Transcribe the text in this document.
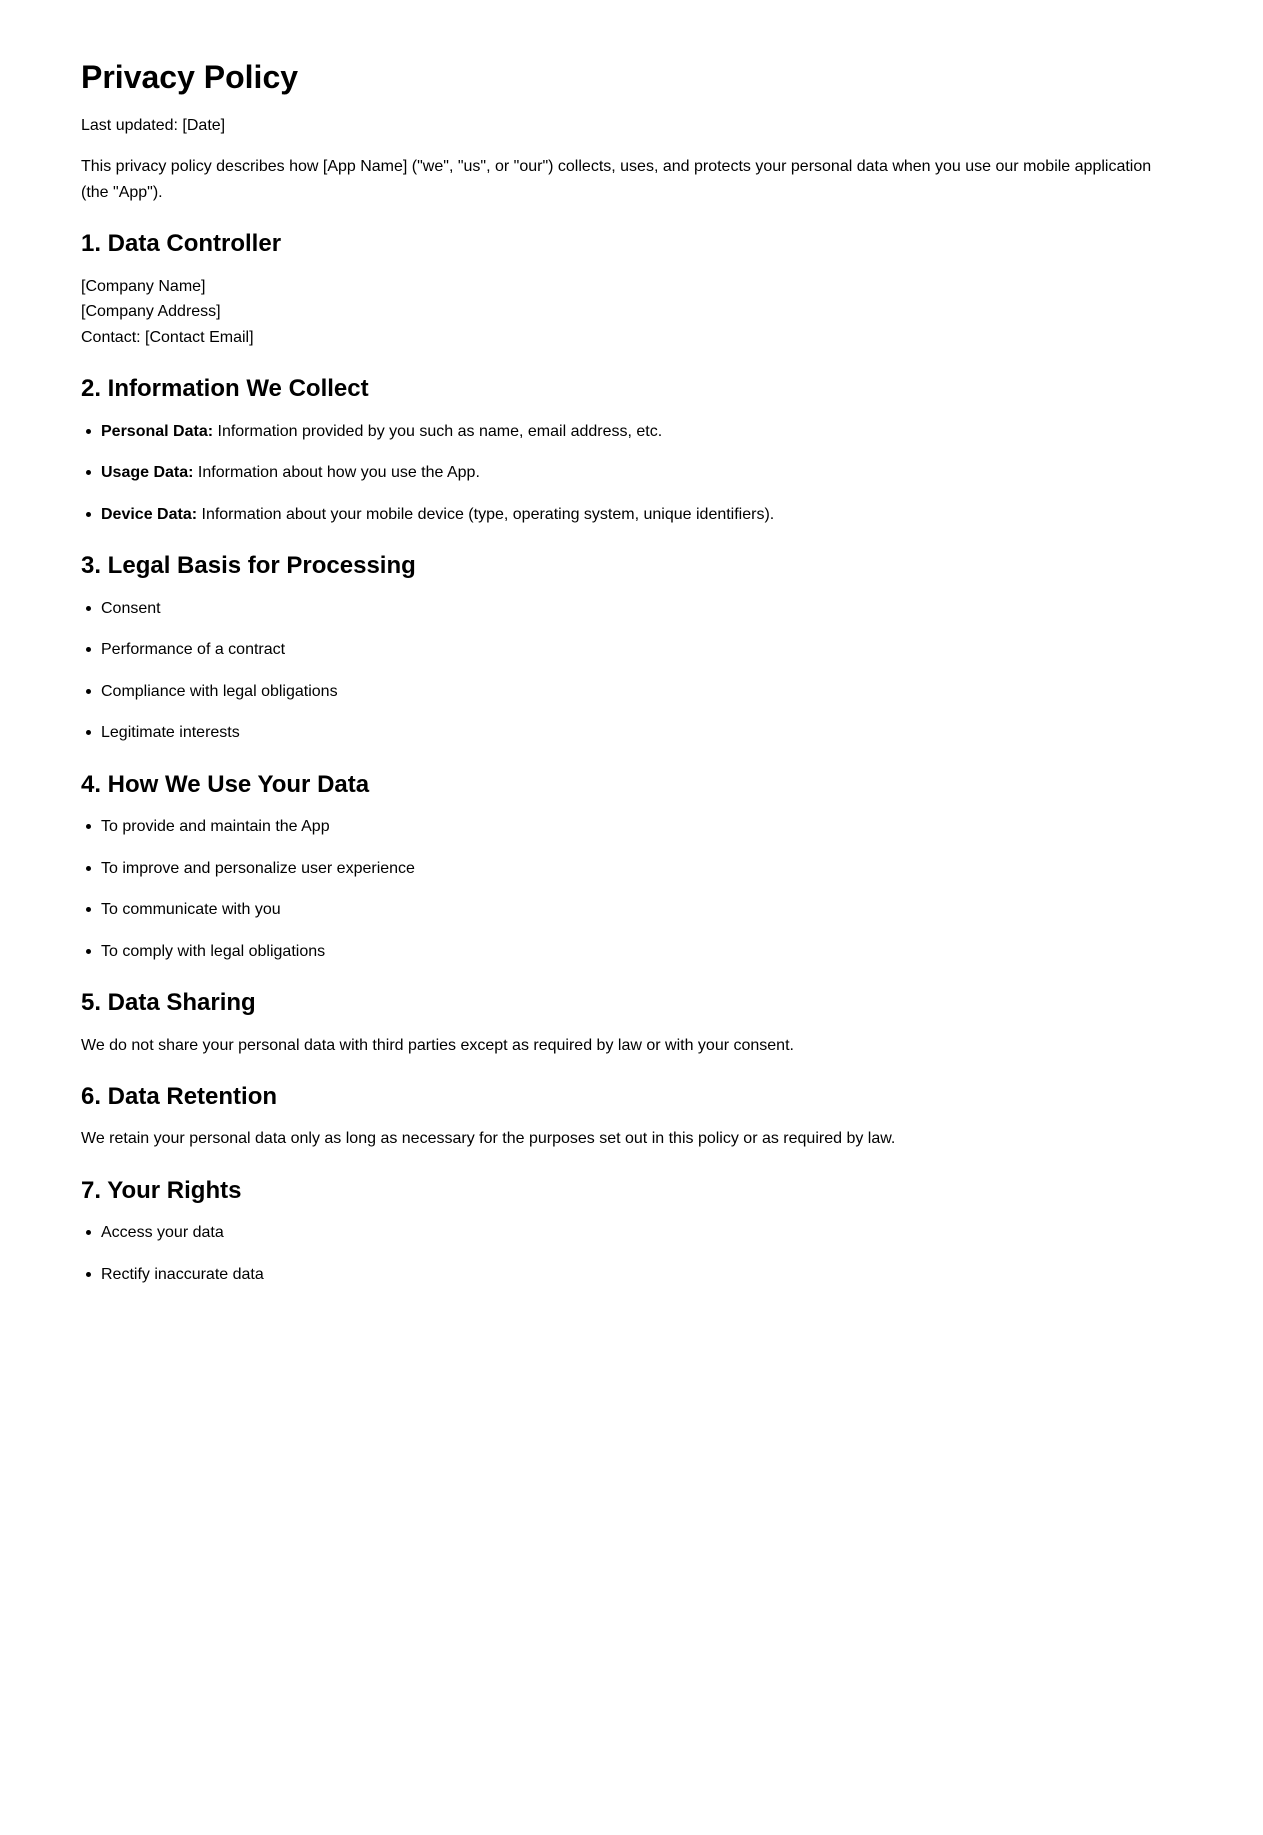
Privacy Policy

Last updated: [Date]

This privacy policy describes how [App Name] ("we", "us", or "our") collects, uses, and protects your personal data when you use our mobile application (the "App").

1. Data Controller

[Company Name]
[Company Address]
Contact: [Contact Email]

2. Information We Collect
Personal Data: Information provided by you such as name, email address, etc.
Usage Data: Information about how you use the App.
Device Data: Information about your mobile device (type, operating system, unique identifiers).
3. Legal Basis for Processing
Consent
Performance of a contract
Compliance with legal obligations
Legitimate interests
4. How We Use Your Data
To provide and maintain the App
To improve and personalize user experience
To communicate with you
To comply with legal obligations
5. Data Sharing

We do not share your personal data with third parties except as required by law or with your consent.

6. Data Retention

We retain your personal data only as long as necessary for the purposes set out in this policy or as required by law.

7. Your Rights
Access your data
Rectify inaccurate data
